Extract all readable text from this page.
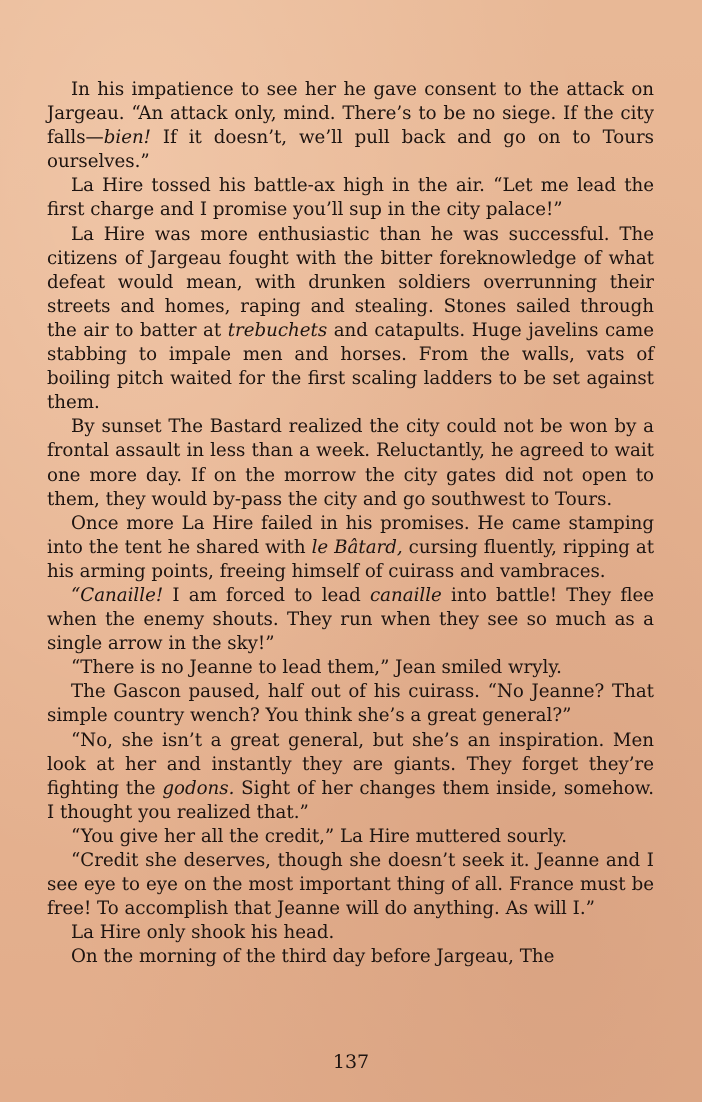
In his impatience to see her he gave consent to the attack on Jargeau. “An attack only, mind. There’s to be no siege. If the city falls—bien! If it doesn’t, we’ll pull back and go on to Tours ourselves.”

La Hire tossed his battle-ax high in the air. “Let me lead the first charge and I promise you’ll sup in the city palace!”

La Hire was more enthusiastic than he was successful. The citizens of Jargeau fought with the bitter foreknowledge of what defeat would mean, with drunken soldiers overrunning their streets and homes, raping and stealing. Stones sailed through the air to batter at trebuchets and catapults. Huge javelins came stabbing to impale men and horses. From the walls, vats of boiling pitch waited for the first scaling ladders to be set against them.

By sunset The Bastard realized the city could not be won by a frontal assault in less than a week. Reluctantly, he agreed to wait one more day. If on the morrow the city gates did not open to them, they would by-pass the city and go southwest to Tours.

Once more La Hire failed in his promises. He came stamping into the tent he shared with le Bâtard, cursing fluently, ripping at his arming points, freeing himself of cuirass and vambraces.

“Canaille! I am forced to lead canaille into battle! They flee when the enemy shouts. They run when they see so much as a single arrow in the sky!”

“There is no Jeanne to lead them,” Jean smiled wryly.

The Gascon paused, half out of his cuirass. “No Jeanne? That simple country wench? You think she’s a great general?”

“No, she isn’t a great general, but she’s an inspiration. Men look at her and instantly they are giants. They forget they’re fighting the godons. Sight of her changes them inside, somehow. I thought you realized that.”

“You give her all the credit,” La Hire muttered sourly.

“Credit she deserves, though she doesn’t seek it. Jeanne and I see eye to eye on the most important thing of all. France must be free! To accomplish that Jeanne will do anything. As will I.”

La Hire only shook his head.

On the morning of the third day before Jargeau, The

137
